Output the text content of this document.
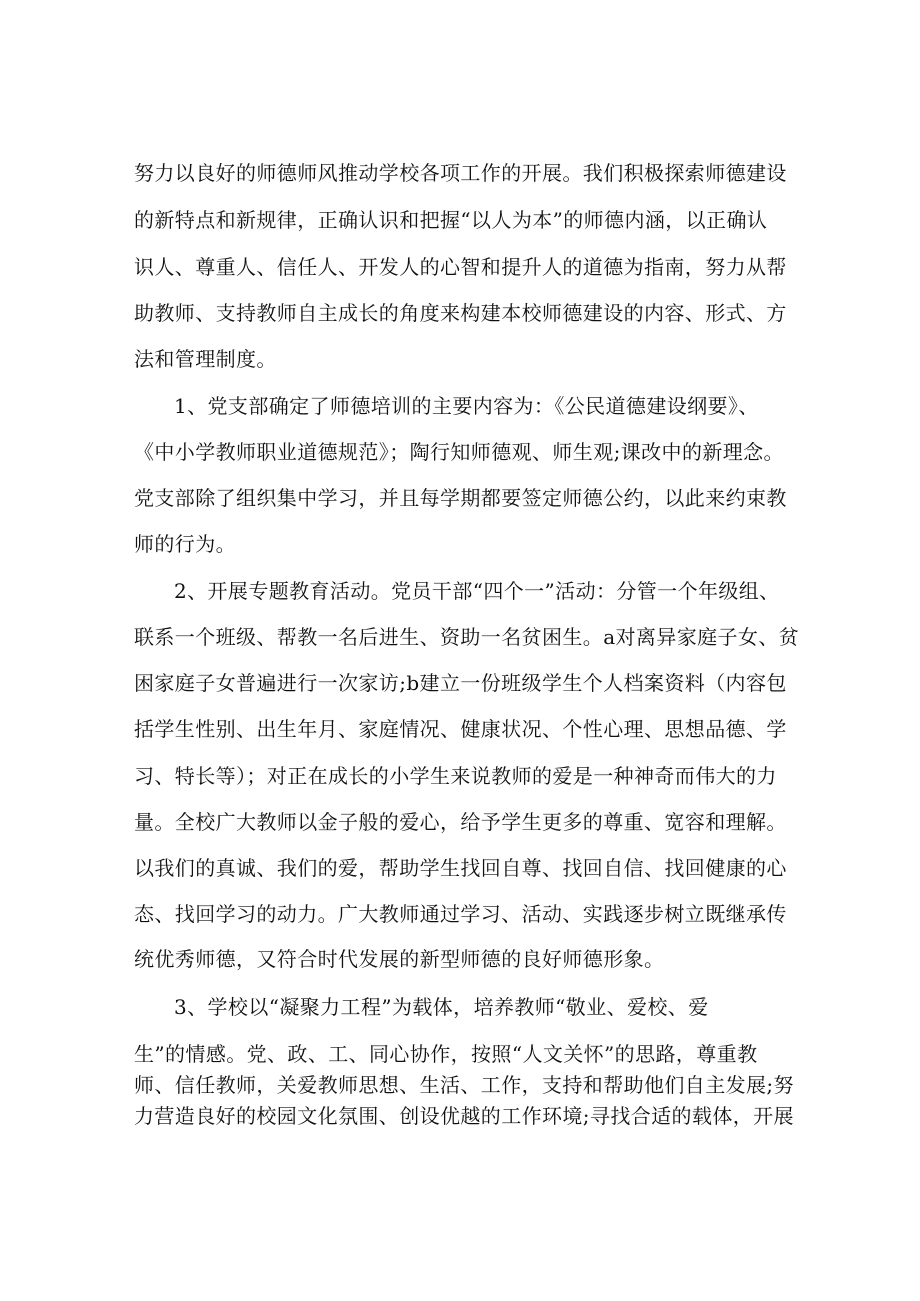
努力以良好的师德师风推动学校各项工作的开展。我们积极探索师德建设
的新特点和新规律，正确认识和把握“以人为本”的师德内涵，以正确认
识人、尊重人、信任人、开发人的心智和提升人的道德为指南，努力从帮
助教师、支持教师自主成长的角度来构建本校师德建设的内容、形式、方
法和管理制度。
1、党支部确定了师德培训的主要内容为：《公民道德建设纲要》、
《中小学教师职业道德规范》；陶行知师德观、师生观;课改中的新理念。
党支部除了组织集中学习，并且每学期都要签定师德公约，以此来约束教
师的行为。
2、开展专题教育活动。党员干部“四个一”活动：分管一个年级组、
联系一个班级、帮教一名后进生、资助一名贫困生。a对离异家庭子女、贫
困家庭子女普遍进行一次家访;b建立一份班级学生个人档案资料（内容包
括学生性别、出生年月、家庭情况、健康状况、个性心理、思想品德、学
习、特长等）；对正在成长的小学生来说教师的爱是一种神奇而伟大的力
量。全校广大教师以金子般的爱心，给予学生更多的尊重、宽容和理解。
以我们的真诚、我们的爱，帮助学生找回自尊、找回自信、找回健康的心
态、找回学习的动力。广大教师通过学习、活动、实践逐步树立既继承传
统优秀师德，又符合时代发展的新型师德的良好师德形象。
3、学校以“凝聚力工程”为载体，培养教师“敬业、爱校、爱
生”的情感。党、政、工、同心协作，按照“人文关怀”的思路，尊重教
师、信任教师，关爱教师思想、生活、工作，支持和帮助他们自主发展;努
力营造良好的校园文化氛围、创设优越的工作环境;寻找合适的载体，开展
